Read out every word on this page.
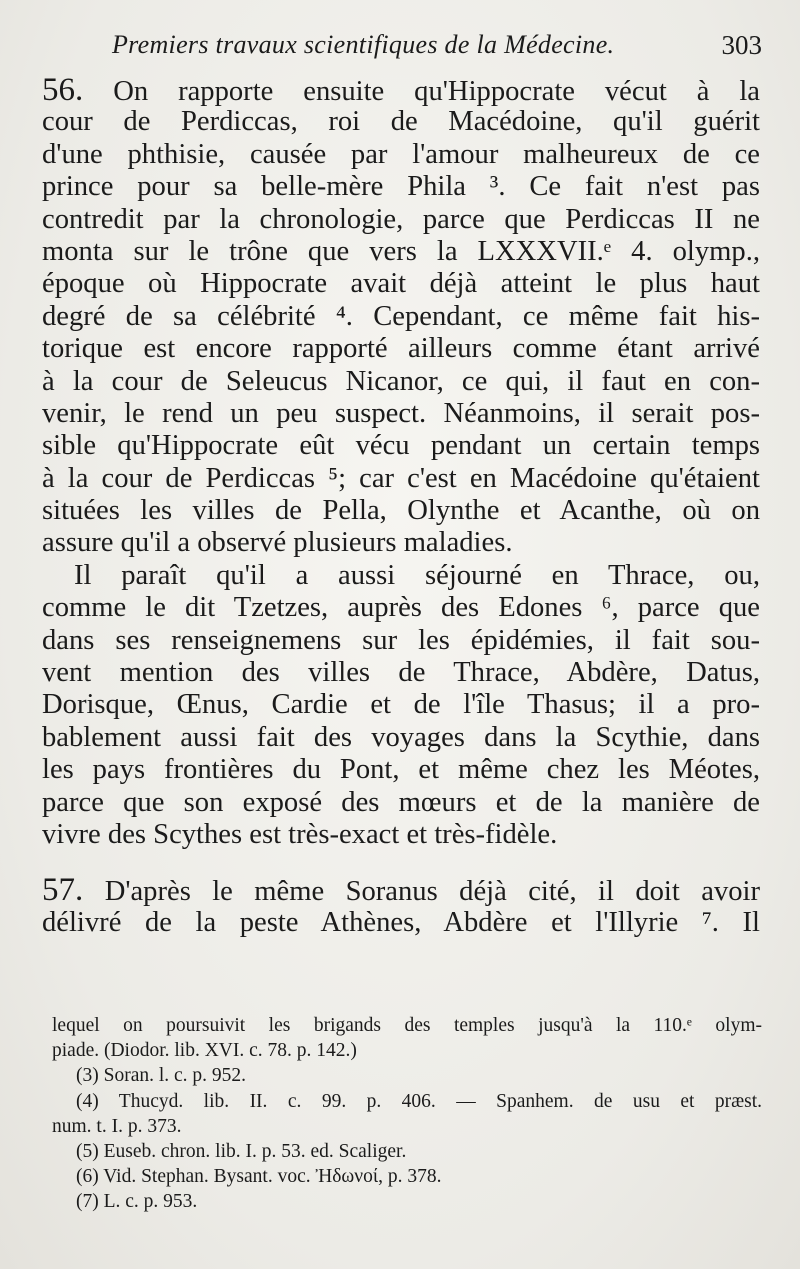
Premiers travaux scientifiques de la Médecine.	303
56. On rapporte ensuite qu'Hippocrate vécut à la
cour de Perdiccas, roi de Macédoine, qu'il guérit
d'une phthisie, causée par l'amour malheureux de ce
prince pour sa belle-mère Phila ³. Ce fait n'est pas
contredit par la chronologie, parce que Perdiccas II ne
monta sur le trône que vers la LXXXVII.ᵉ 4. olymp.,
époque où Hippocrate avait déjà atteint le plus haut
degré de sa célébrité ⁴. Cependant, ce même fait his-
torique est encore rapporté ailleurs comme étant arrivé
à la cour de Seleucus Nicanor, ce qui, il faut en con-
venir, le rend un peu suspect. Néanmoins, il serait pos-
sible qu'Hippocrate eût vécu pendant un certain temps
à la cour de Perdiccas ⁵; car c'est en Macédoine qu'étaient
situées les villes de Pella, Olynthe et Acanthe, où on
assure qu'il a observé plusieurs maladies.
Il paraît qu'il a aussi séjourné en Thrace, ou,
comme le dit Tzetzes, auprès des Edones ⁶, parce que
dans ses renseignemens sur les épidémies, il fait sou-
vent mention des villes de Thrace, Abdère, Datus,
Dorisque, Œnus, Cardie et de l'île Thasus; il a pro-
bablement aussi fait des voyages dans la Scythie, dans
les pays frontières du Pont, et même chez les Méotes,
parce que son exposé des mœurs et de la manière de
vivre des Scythes est très-exact et très-fidèle.
57. D'après le même Soranus déjà cité, il doit avoir
délivré de la peste Athènes, Abdère et l'Illyrie ⁷. Il
lequel on poursuivit les brigands des temples jusqu'à la 110.ᵉ olym-
piade. (Diodor. lib. XVI. c. 78. p. 142.)
(3) Soran. l. c. p. 952.
(4) Thucyd. lib. II. c. 99. p. 406. — Spanhem. de usu et præst.
num. t. I. p. 373.
(5) Euseb. chron. lib. I. p. 53. ed. Scaliger.
(6) Vid. Stephan. Bysant. voc. Ἠδωνοί, p. 378.
(7) L. c. p. 953.
